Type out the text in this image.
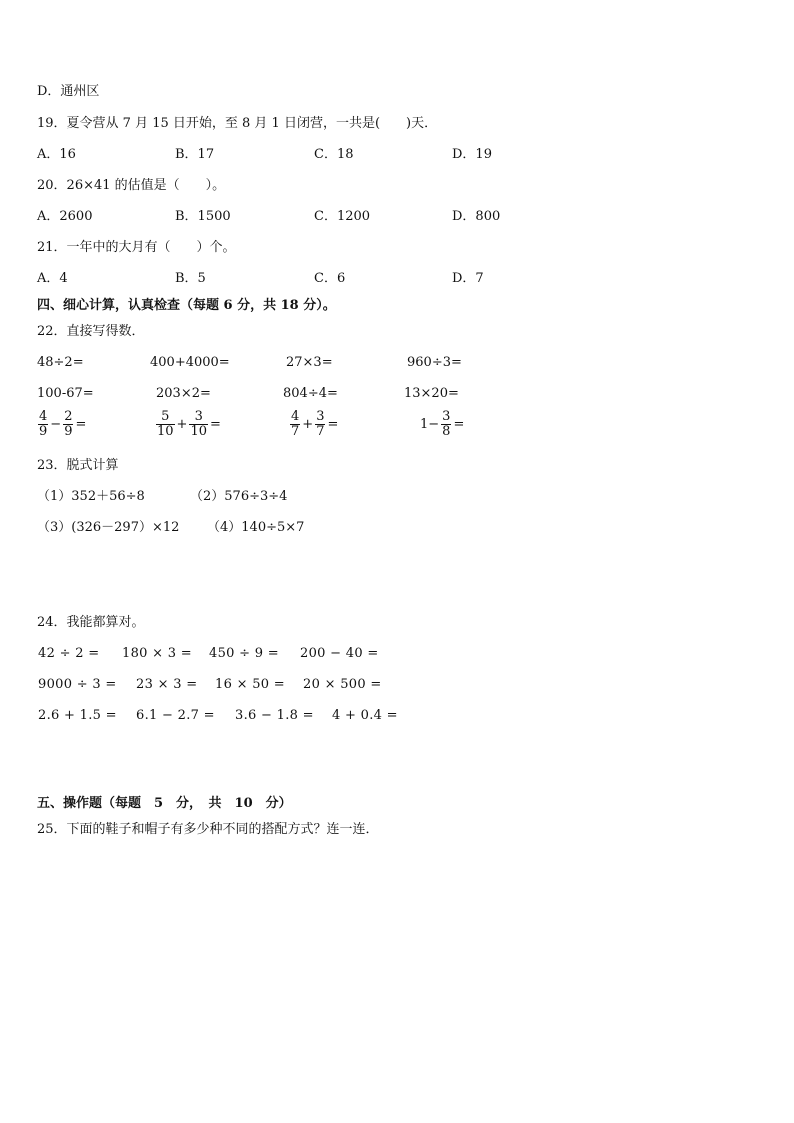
D．通州区
19．夏令营从 7 月 15 日开始，至 8 月 1 日闭营，一共是(　　)天．
A．16	B．17	C．18	D．19
20．26×41 的估值是（　　）。
A．2600	B．1500	C．1200	D．800
21．一年中的大月有（　　）个。
A．4	B．5	C．6	D．7
四、细心计算，认真检查（每题 6 分，共 18 分）。
22．直接写得数．
48÷2=	400+4000=	27×3=	960÷3=
100-67=	203×2=	804÷4=	13×20=
$\frac{4}{9} - \frac{2}{9}$ =	$\frac{5}{10} + \frac{3}{10}$ =	$\frac{4}{7} + \frac{3}{7}$ =	$1- \frac{3}{8}$ =
23．脱式计算
（1）352＋56÷8	（2）576÷3÷4
（3）(326－297）×12 （4）140÷5×7
24．我能都算对。
42 ÷ 2 = 180 × 3 = 450 ÷ 9 = 200 − 40 =
9000 ÷ 3 = 23 × 3 = 16 × 50 = 20 × 500 =
2.6 + 1.5 = 6.1 − 2.7 = 3.6 − 1.8 = 4 + 0.4 =
五、操作题（每题　5　分，　共　10　分）
25．下面的鞋子和帽子有多少种不同的搭配方式？连一连．
